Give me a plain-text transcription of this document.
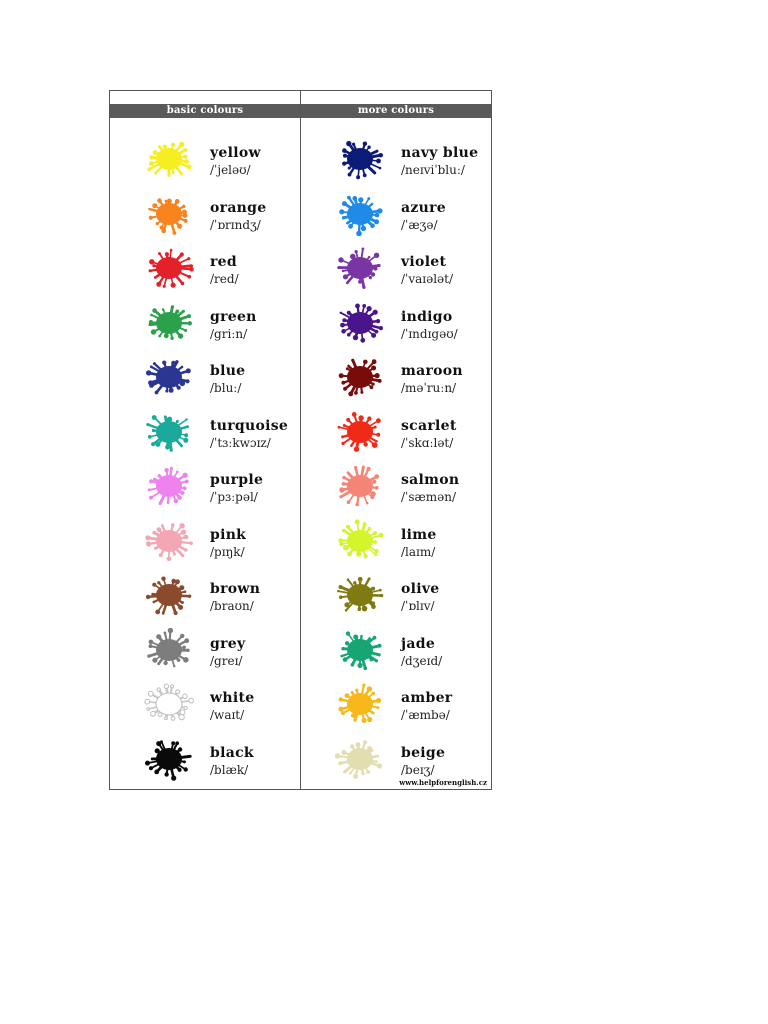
basic colours
yellow
/ˈjeləʊ/
orange
/ˈɒrɪndʒ/
red
/red/
green
/griːn/
blue
/bluː/
turquoise
/ˈtɜːkwɔɪz/
purple
/ˈpɜːpəl/
pink
/pɪŋk/
brown
/braʊn/
grey
/greɪ/
white
/waɪt/
black
/blæk/
more colours
navy blue
/neɪviˈbluː/
azure
/ˈæʒə/
violet
/ˈvaɪələt/
indigo
/ˈɪndɪgəʊ/
maroon
/məˈruːn/
scarlet
/ˈskɑːlət/
salmon
/ˈsæmən/
lime
/laɪm/
olive
/ˈɒlɪv/
jade
/dʒeɪd/
amber
/ˈæmbə/
beige
/beɪʒ/
www.helpforenglish.cz
